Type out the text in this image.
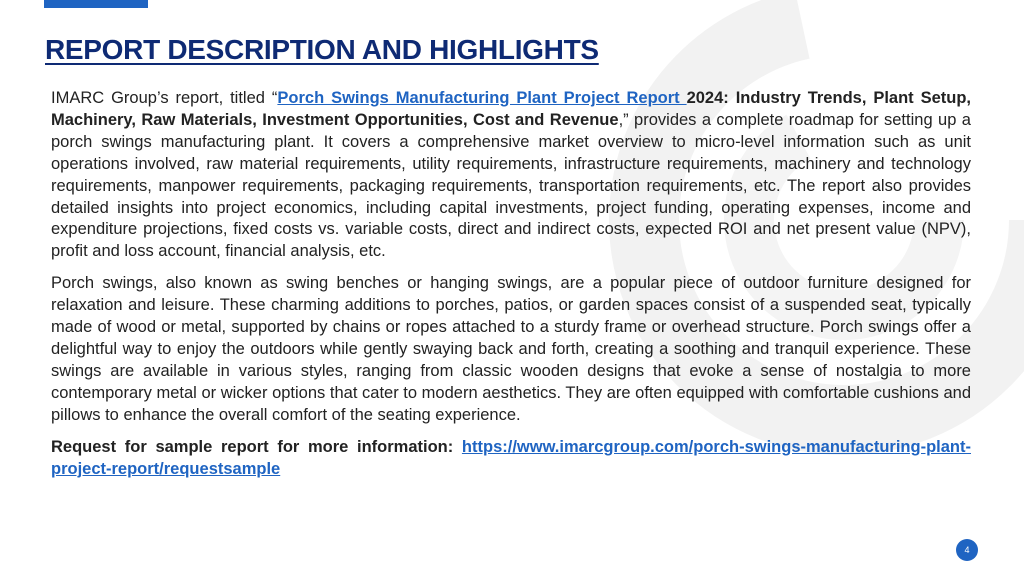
REPORT DESCRIPTION AND HIGHLIGHTS

IMARC Group’s report, titled “Porch Swings Manufacturing Plant Project Report 2024: Industry Trends, Plant Setup, Machinery, Raw Materials, Investment Opportunities, Cost and Revenue,” provides a complete roadmap for setting up a porch swings manufacturing plant. It covers a comprehensive market overview to micro-level information such as unit operations involved, raw material requirements, utility requirements, infrastructure requirements, machinery and technology requirements, manpower requirements, packaging requirements, transportation requirements, etc. The report also provides detailed insights into project economics, including capital investments, project funding, operating expenses, income and expenditure projections, fixed costs vs. variable costs, direct and indirect costs, expected ROI and net present value (NPV), profit and loss account, financial analysis, etc.

Porch swings, also known as swing benches or hanging swings, are a popular piece of outdoor furniture designed for relaxation and leisure. These charming additions to porches, patios, or garden spaces consist of a suspended seat, typically made of wood or metal, supported by chains or ropes attached to a sturdy frame or overhead structure. Porch swings offer a delightful way to enjoy the outdoors while gently swaying back and forth, creating a soothing and tranquil experience. These swings are available in various styles, ranging from classic wooden designs that evoke a sense of nostalgia to more contemporary metal or wicker options that cater to modern aesthetics. They are often equipped with comfortable cushions and pillows to enhance the overall comfort of the seating experience.

Request for sample report for more information: https://www.imarcgroup.com/porch-swings-manufacturing-plant-project-report/requestsample

4
